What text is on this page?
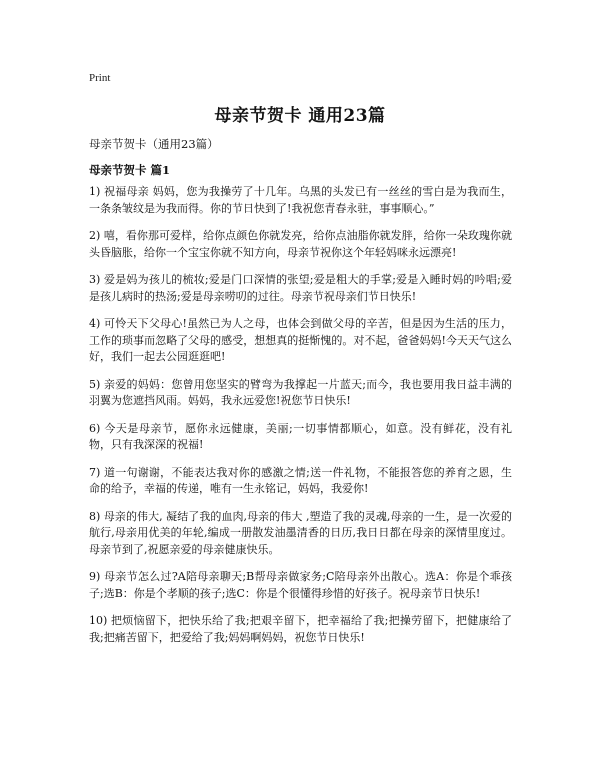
Print
母亲节贺卡 通用23篇
母亲节贺卡（通用23篇）
母亲节贺卡 篇1

1) 祝福母亲 妈妈，您为我操劳了十几年。乌黑的头发已有一丝丝的雪白是为我而生，一条条皱纹是为我而得。你的节日快到了!我祝您青春永驻，事事顺心。”

2) 嘻，看你那可爱样，给你点颜色你就发亮，给你点油脂你就发胖，给你一朵玫瑰你就头昏脑胀，给你一个宝宝你就不知方向，母亲节祝你这个年轻妈咪永远漂亮!

3) 爱是妈为孩儿的梳妆;爱是门口深情的张望;爱是粗大的手掌;爱是入睡时妈的吟唱;爱是孩儿病时的热汤;爱是母亲唠叨的过往。母亲节祝母亲们节日快乐!

4) 可怜天下父母心!虽然已为人之母，也体会到做父母的辛苦，但是因为生活的压力，工作的琐事而忽略了父母的感受，想想真的挺惭愧的。对不起，爸爸妈妈!今天天气这么好，我们一起去公园逛逛吧!

5) 亲爱的妈妈：您曾用您坚实的臂弯为我撑起一片蓝天;而今，我也要用我日益丰满的羽翼为您遮挡风雨。妈妈，我永远爱您!祝您节日快乐!

6) 今天是母亲节，愿你永远健康，美丽;一切事情都顺心，如意。没有鲜花，没有礼物，只有我深深的祝福!

7) 道一句谢谢，不能表达我对你的感激之情;送一件礼物，不能报答您的养育之恩，生命的给予，幸福的传递，唯有一生永铭记，妈妈，我爱你!

8) 母亲的伟大, 凝结了我的血肉,母亲的伟大 ,塑造了我的灵魂,母亲的一生，是一次爱的航行,母亲用优美的年轮,编成一册散发油墨清香的日历,我日日都在母亲的深情里度过。母亲节到了,祝愿亲爱的母亲健康快乐。

9) 母亲节怎么过?A陪母亲聊天;B帮母亲做家务;C陪母亲外出散心。选A：你是个乖孩子;选B：你是个孝顺的孩子;选C：你是个很懂得珍惜的好孩子。祝母亲节日快乐!

10) 把烦恼留下，把快乐给了我;把艰辛留下，把幸福给了我;把操劳留下，把健康给了我;把痛苦留下，把爱给了我;妈妈啊妈妈，祝您节日快乐!
